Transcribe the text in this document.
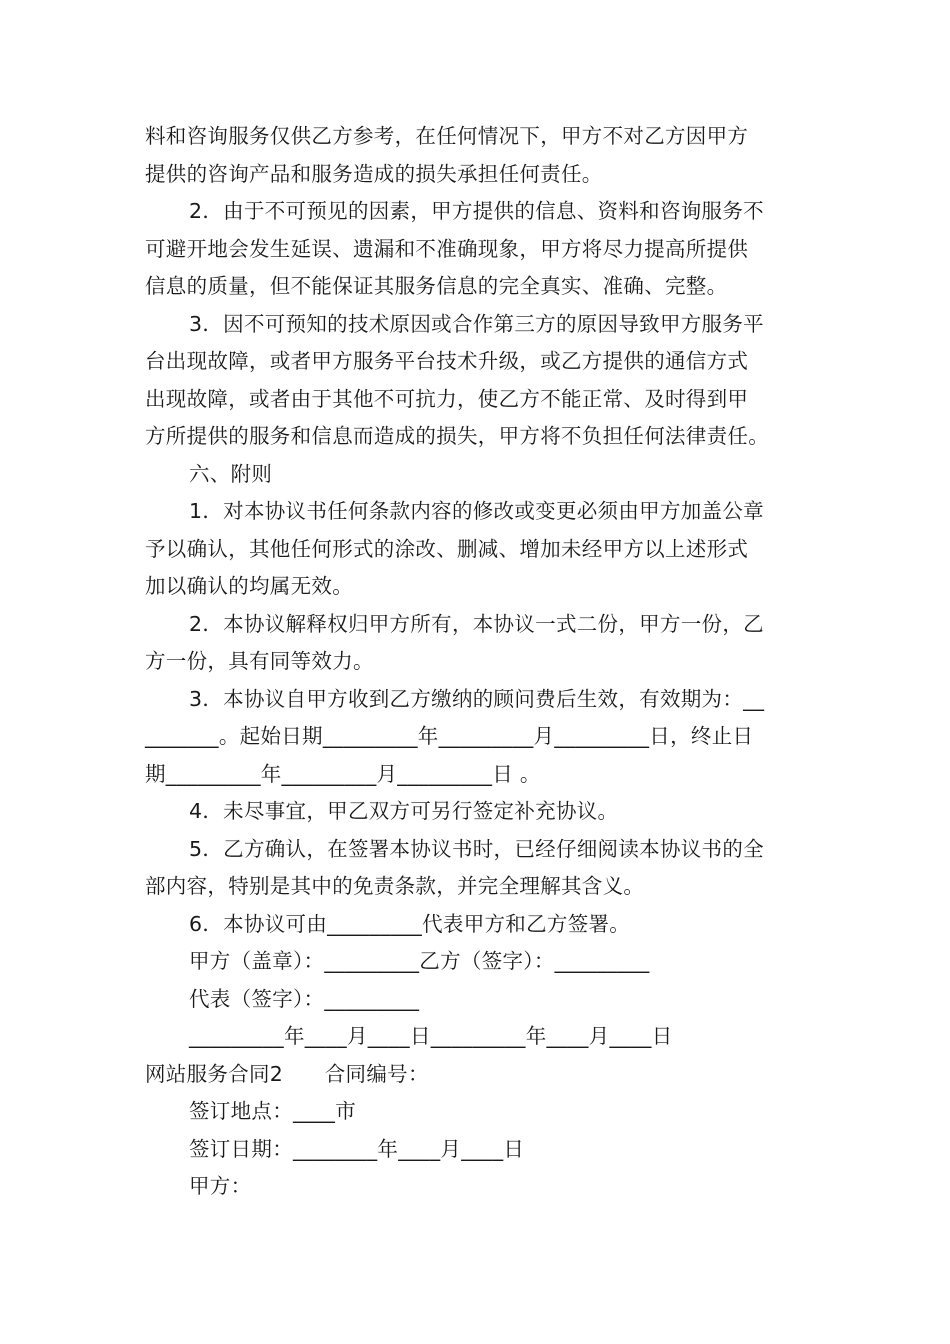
料和咨询服务仅供乙方参考，在任何情况下，甲方不对乙方因甲方
提供的咨询产品和服务造成的损失承担任何责任。
2．由于不可预见的因素，甲方提供的信息、资料和咨询服务不
可避开地会发生延误、遗漏和不准确现象，甲方将尽力提高所提供
信息的质量，但不能保证其服务信息的完全真实、准确、完整。
3．因不可预知的技术原因或合作第三方的原因导致甲方服务平
台出现故障，或者甲方服务平台技术升级，或乙方提供的通信方式
出现故障，或者由于其他不可抗力，使乙方不能正常、及时得到甲
方所提供的服务和信息而造成的损失，甲方将不负担任何法律责任。
六、附则
1．对本协议书任何条款内容的修改或变更必须由甲方加盖公章
予以确认，其他任何形式的涂改、删减、增加未经甲方以上述形式
加以确认的均属无效。
2．本协议解释权归甲方所有，本协议一式二份，甲方一份，乙
方一份，具有同等效力。
3．本协议自甲方收到乙方缴纳的顾问费后生效，有效期为：__
_______。起始日期_________年_________月_________日，终止日
期_________年_________月_________日 。
4．未尽事宜，甲乙双方可另行签定补充协议。
5．乙方确认，在签署本协议书时，已经仔细阅读本协议书的全
部内容，特别是其中的免责条款，并完全理解其含义。
6．本协议可由_________代表甲方和乙方签署。
甲方（盖章）：_________乙方（签字）：_________
代表（签字）：_________
_________年____月____日_________年____月____日
网站服务合同2　　合同编号：
签订地点：____市
签订日期：________年____月____日
甲方：
